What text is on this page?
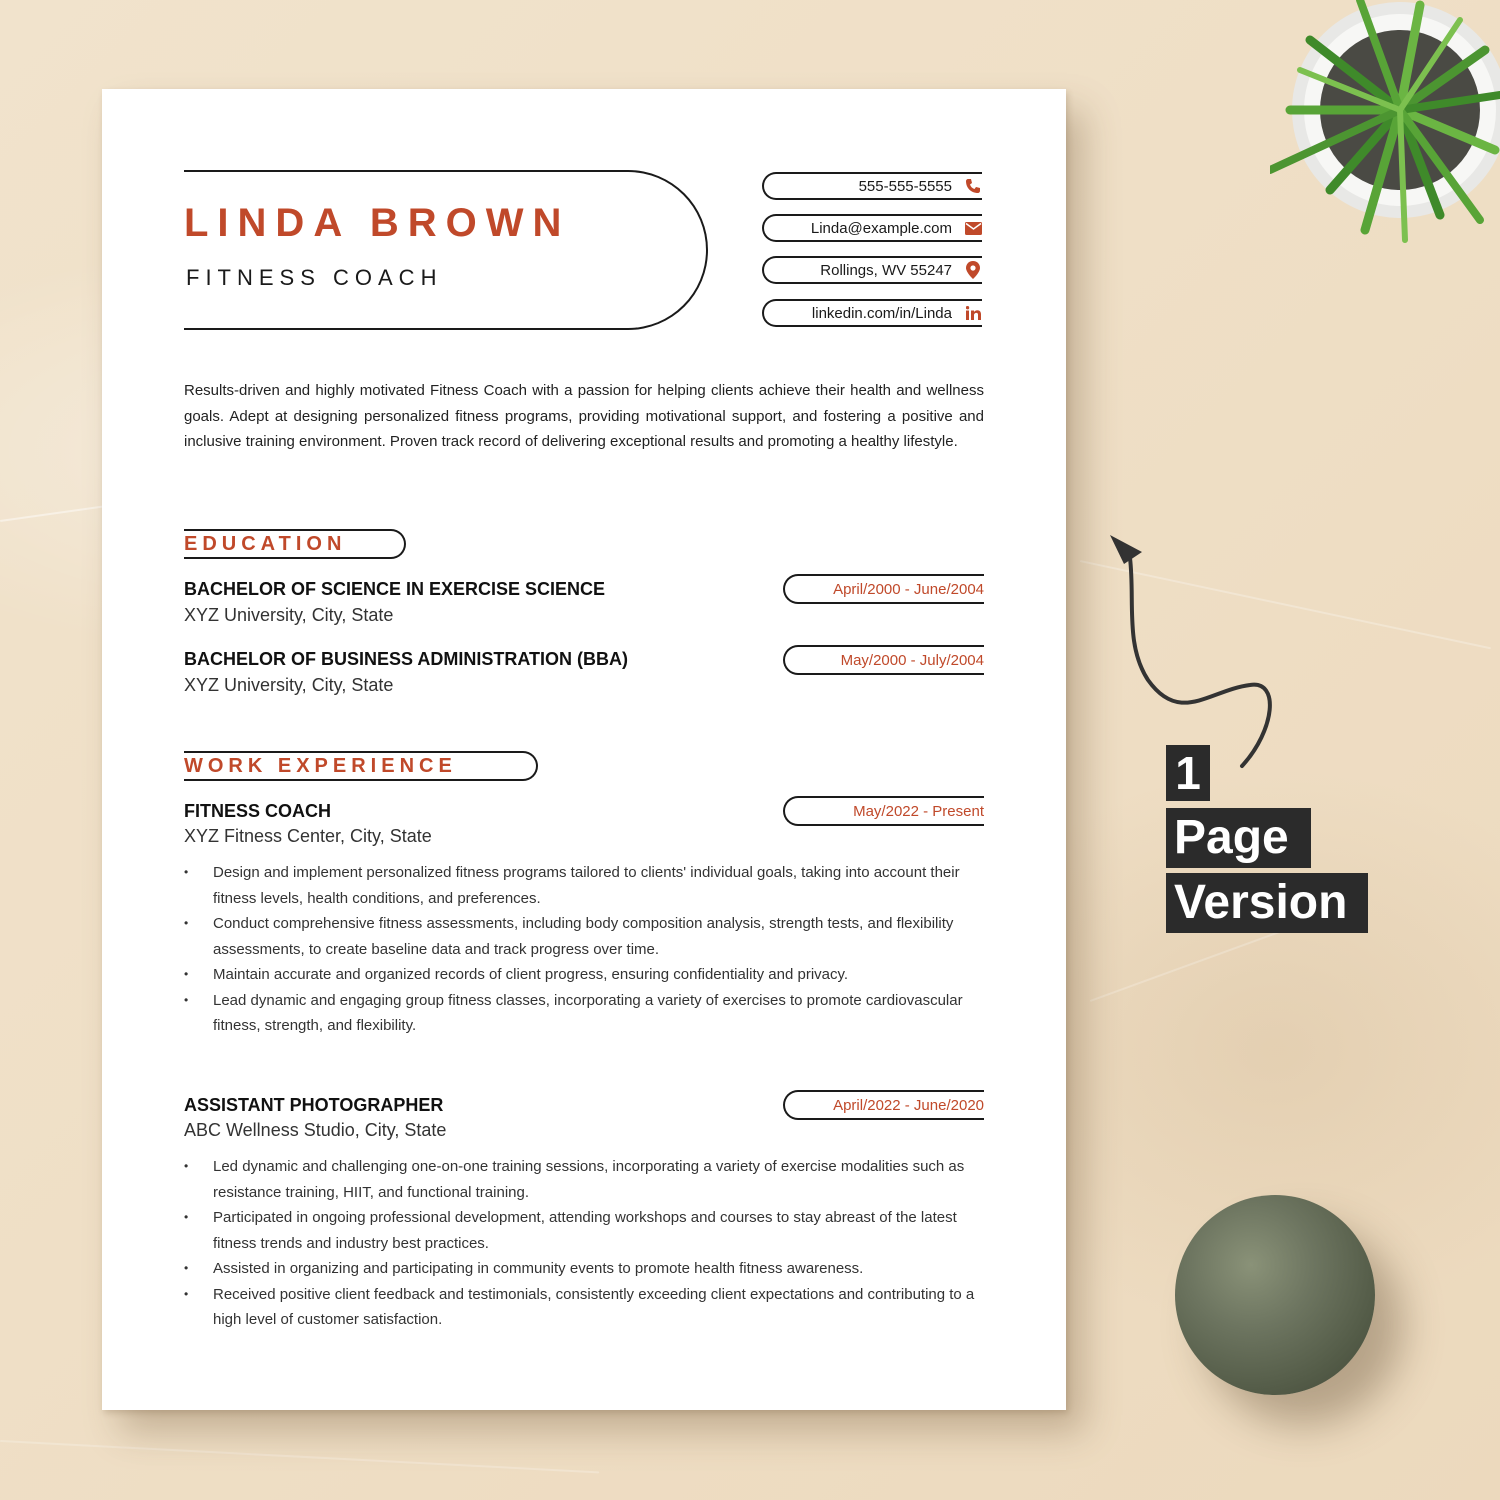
1
Page
Version
LINDA BROWN
FITNESS COACH
555-555-5555
Linda@example.com
Rollings, WV 55247
linkedin.com/in/Linda
Results-driven and highly motivated Fitness Coach with a passion for helping clients achieve their health and wellness goals. Adept at designing personalized fitness programs, providing motivational support, and fostering a positive and inclusive training environment. Proven track record of delivering exceptional results and promoting a healthy lifestyle.
EDUCATION
BACHELOR OF SCIENCE IN EXERCISE SCIENCE
XYZ University, City, State
April/2000 - June/2004
BACHELOR OF BUSINESS ADMINISTRATION (BBA)
XYZ University, City, State
May/2000 - July/2004
WORK EXPERIENCE
FITNESS COACH
XYZ Fitness Center, City, State
May/2022 - Present
• Design and implement personalized fitness programs tailored to clients' individual goals, taking into account their fitness levels, health conditions, and preferences.
• Conduct comprehensive fitness assessments, including body composition analysis, strength tests, and flexibility assessments, to create baseline data and track progress over time.
• Maintain accurate and organized records of client progress, ensuring confidentiality and privacy.
• Lead dynamic and engaging group fitness classes, incorporating a variety of exercises to promote cardiovascular fitness, strength, and flexibility.
ASSISTANT PHOTOGRAPHER
ABC Wellness Studio, City, State
April/2022 - June/2020
• Led dynamic and challenging one-on-one training sessions, incorporating a variety of exercise modalities such as resistance training, HIIT, and functional training.
• Participated in ongoing professional development, attending workshops and courses to stay abreast of the latest fitness trends and industry best practices.
• Assisted in organizing and participating in community events to promote health fitness awareness.
• Received positive client feedback and testimonials, consistently exceeding client expectations and contributing to a high level of customer satisfaction.
